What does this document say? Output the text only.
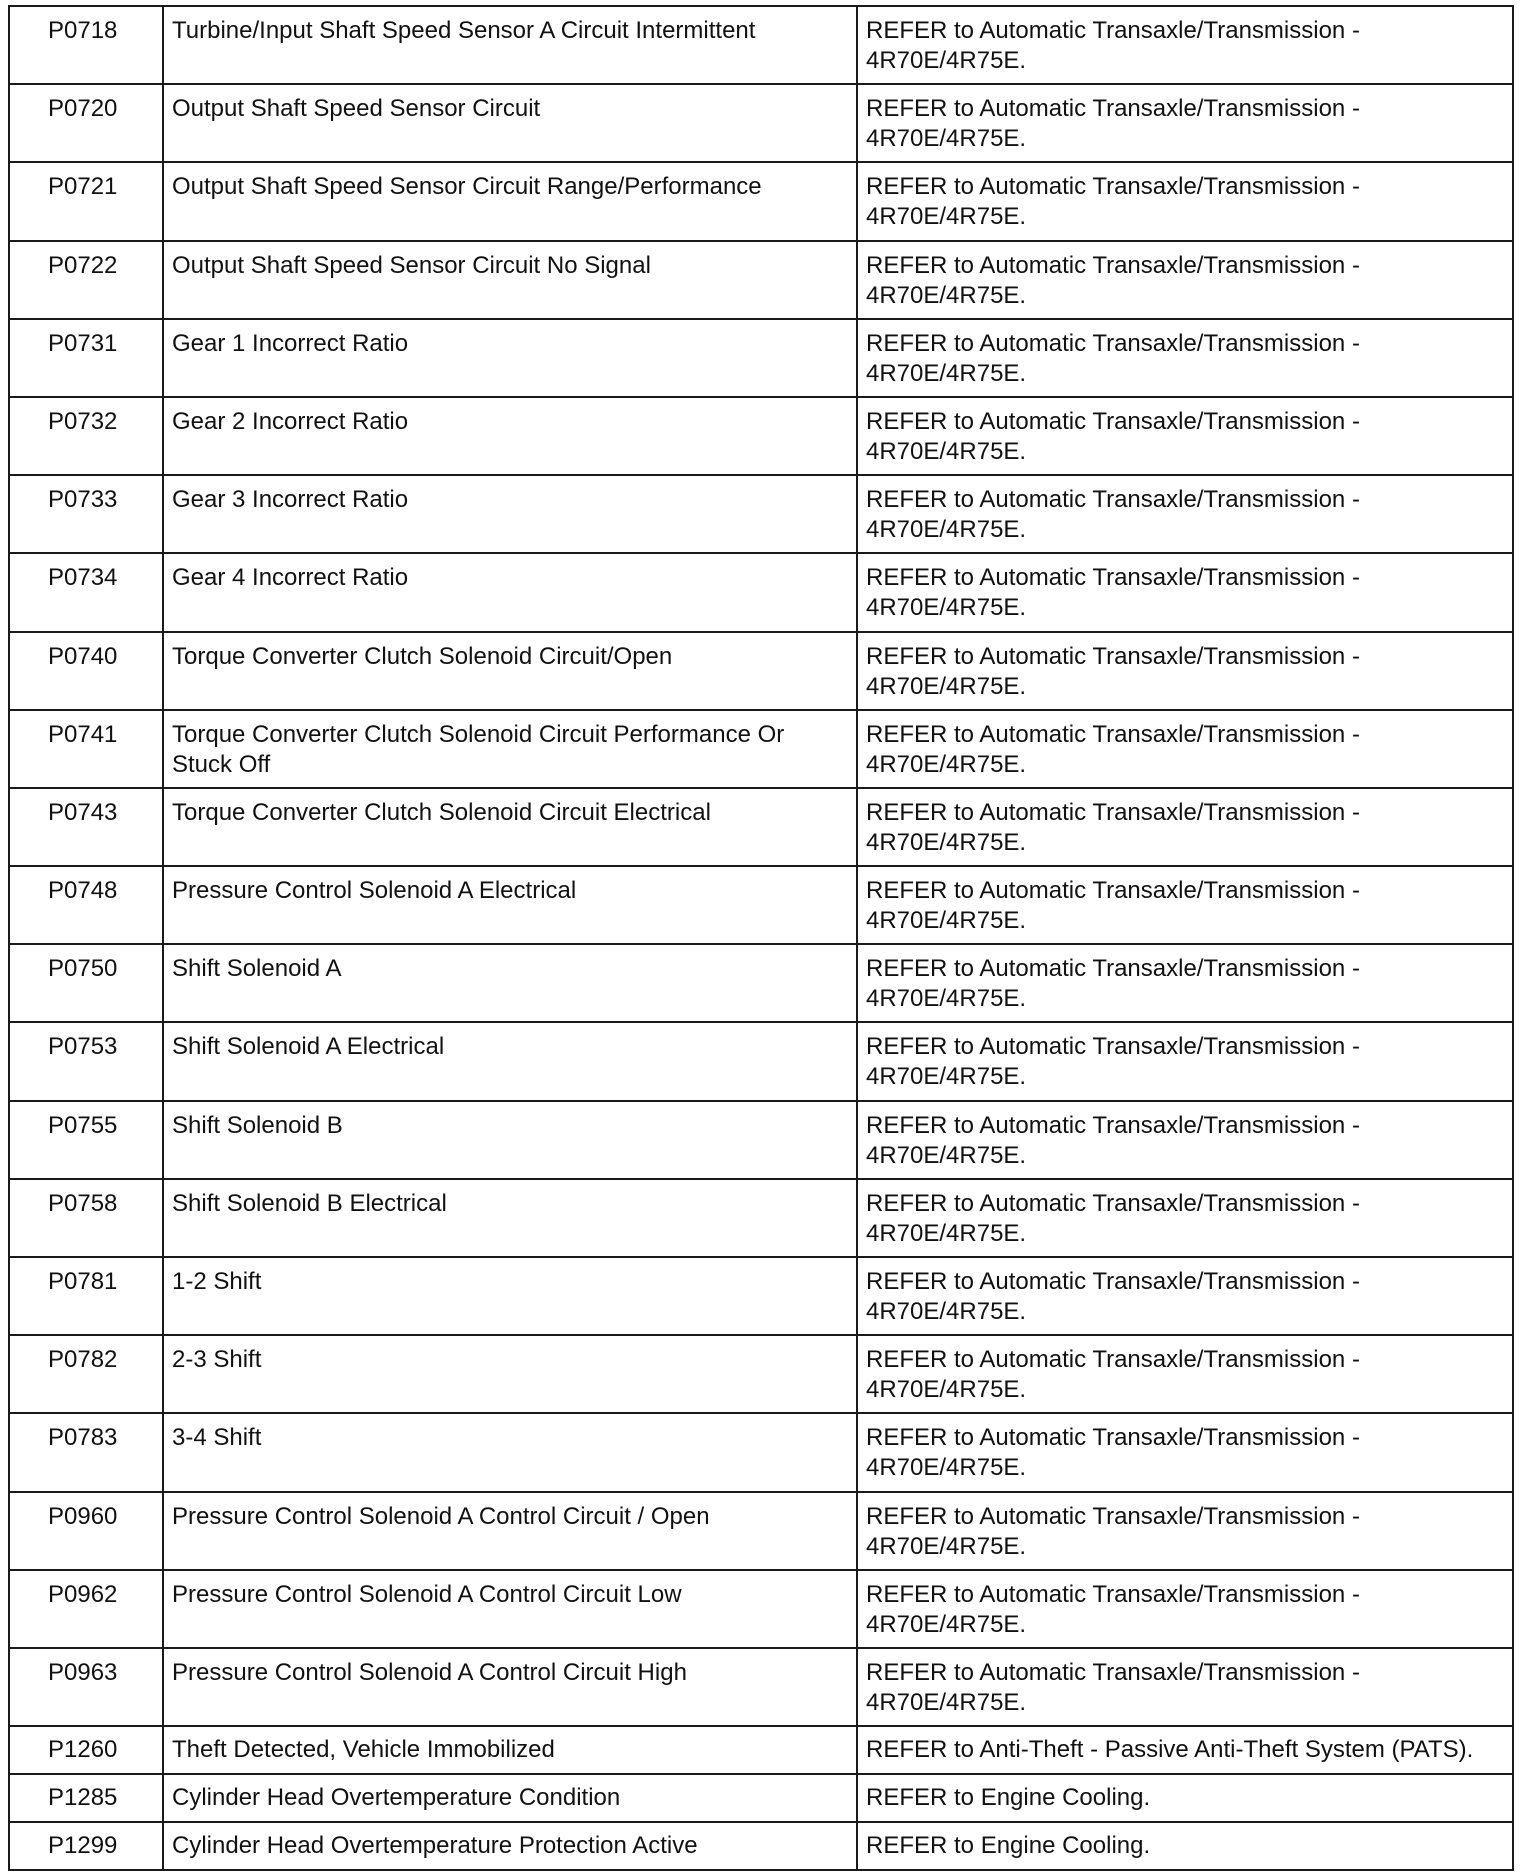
P0718	Turbine/Input Shaft Speed Sensor A Circuit Intermittent	REFER to Automatic Transaxle/Transmission - 4R70E/4R75E.
P0720	Output Shaft Speed Sensor Circuit	REFER to Automatic Transaxle/Transmission - 4R70E/4R75E.
P0721	Output Shaft Speed Sensor Circuit Range/Performance	REFER to Automatic Transaxle/Transmission - 4R70E/4R75E.
P0722	Output Shaft Speed Sensor Circuit No Signal	REFER to Automatic Transaxle/Transmission - 4R70E/4R75E.
P0731	Gear 1 Incorrect Ratio	REFER to Automatic Transaxle/Transmission - 4R70E/4R75E.
P0732	Gear 2 Incorrect Ratio	REFER to Automatic Transaxle/Transmission - 4R70E/4R75E.
P0733	Gear 3 Incorrect Ratio	REFER to Automatic Transaxle/Transmission - 4R70E/4R75E.
P0734	Gear 4 Incorrect Ratio	REFER to Automatic Transaxle/Transmission - 4R70E/4R75E.
P0740	Torque Converter Clutch Solenoid Circuit/Open	REFER to Automatic Transaxle/Transmission - 4R70E/4R75E.
P0741	Torque Converter Clutch Solenoid Circuit Performance Or Stuck Off	REFER to Automatic Transaxle/Transmission - 4R70E/4R75E.
P0743	Torque Converter Clutch Solenoid Circuit Electrical	REFER to Automatic Transaxle/Transmission - 4R70E/4R75E.
P0748	Pressure Control Solenoid A Electrical	REFER to Automatic Transaxle/Transmission - 4R70E/4R75E.
P0750	Shift Solenoid A	REFER to Automatic Transaxle/Transmission - 4R70E/4R75E.
P0753	Shift Solenoid A Electrical	REFER to Automatic Transaxle/Transmission - 4R70E/4R75E.
P0755	Shift Solenoid B	REFER to Automatic Transaxle/Transmission - 4R70E/4R75E.
P0758	Shift Solenoid B Electrical	REFER to Automatic Transaxle/Transmission - 4R70E/4R75E.
P0781	1-2 Shift	REFER to Automatic Transaxle/Transmission - 4R70E/4R75E.
P0782	2-3 Shift	REFER to Automatic Transaxle/Transmission - 4R70E/4R75E.
P0783	3-4 Shift	REFER to Automatic Transaxle/Transmission - 4R70E/4R75E.
P0960	Pressure Control Solenoid A Control Circuit / Open	REFER to Automatic Transaxle/Transmission - 4R70E/4R75E.
P0962	Pressure Control Solenoid A Control Circuit Low	REFER to Automatic Transaxle/Transmission - 4R70E/4R75E.
P0963	Pressure Control Solenoid A Control Circuit High	REFER to Automatic Transaxle/Transmission - 4R70E/4R75E.
P1260	Theft Detected, Vehicle Immobilized	REFER to Anti-Theft - Passive Anti-Theft System (PATS).
P1285	Cylinder Head Overtemperature Condition	REFER to Engine Cooling.
P1299	Cylinder Head Overtemperature Protection Active	REFER to Engine Cooling.
